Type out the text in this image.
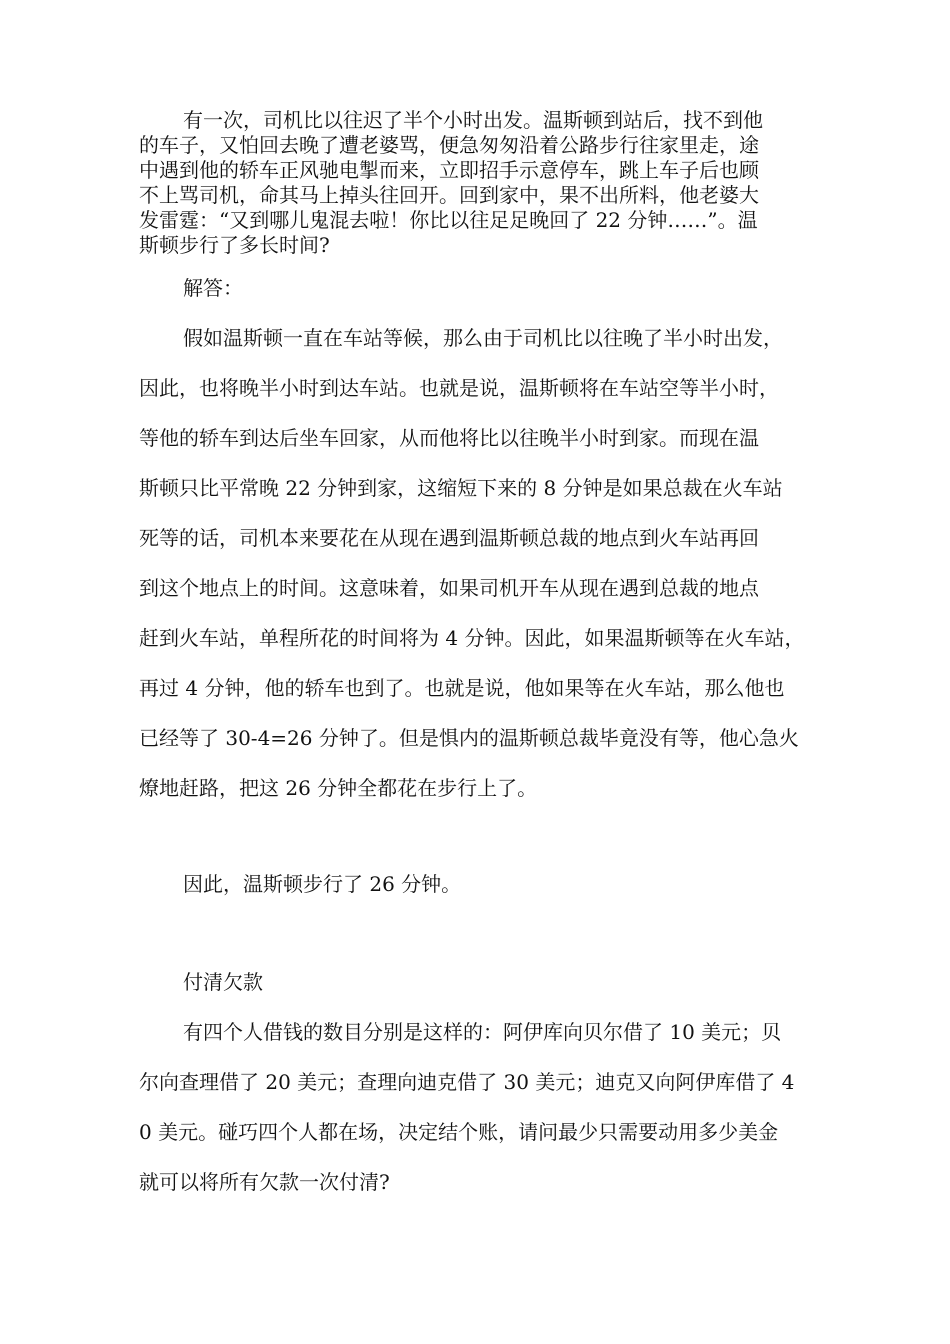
有一次，司机比以往迟了半个小时出发。温斯顿到站后，找不到他
的车子，又怕回去晚了遭老婆骂，便急匆匆沿着公路步行往家里走，途
中遇到他的轿车正风驰电掣而来，立即招手示意停车，跳上车子后也顾
不上骂司机，命其马上掉头往回开。回到家中，果不出所料，他老婆大
发雷霆：“又到哪儿鬼混去啦！你比以往足足晚回了 22 分钟……”。温
斯顿步行了多长时间?
解答：
假如温斯顿一直在车站等候，那么由于司机比以往晚了半小时出发，
因此，也将晚半小时到达车站。也就是说，温斯顿将在车站空等半小时，
等他的轿车到达后坐车回家，从而他将比以往晚半小时到家。而现在温
斯顿只比平常晚 22 分钟到家，这缩短下来的 8 分钟是如果总裁在火车站
死等的话，司机本来要花在从现在遇到温斯顿总裁的地点到火车站再回
到这个地点上的时间。这意味着，如果司机开车从现在遇到总裁的地点
赶到火车站，单程所花的时间将为 4 分钟。因此，如果温斯顿等在火车站，
再过 4 分钟，他的轿车也到了。也就是说，他如果等在火车站，那么他也
已经等了 30-4=26 分钟了。但是惧内的温斯顿总裁毕竟没有等，他心急火
燎地赶路，把这 26 分钟全都花在步行上了。
因此，温斯顿步行了 26 分钟。
付清欠款
有四个人借钱的数目分别是这样的：阿伊库向贝尔借了 10 美元；贝
尔向查理借了 20 美元；查理向迪克借了 30 美元；迪克又向阿伊库借了 4
0 美元。碰巧四个人都在场，决定结个账，请问最少只需要动用多少美金
就可以将所有欠款一次付清?
